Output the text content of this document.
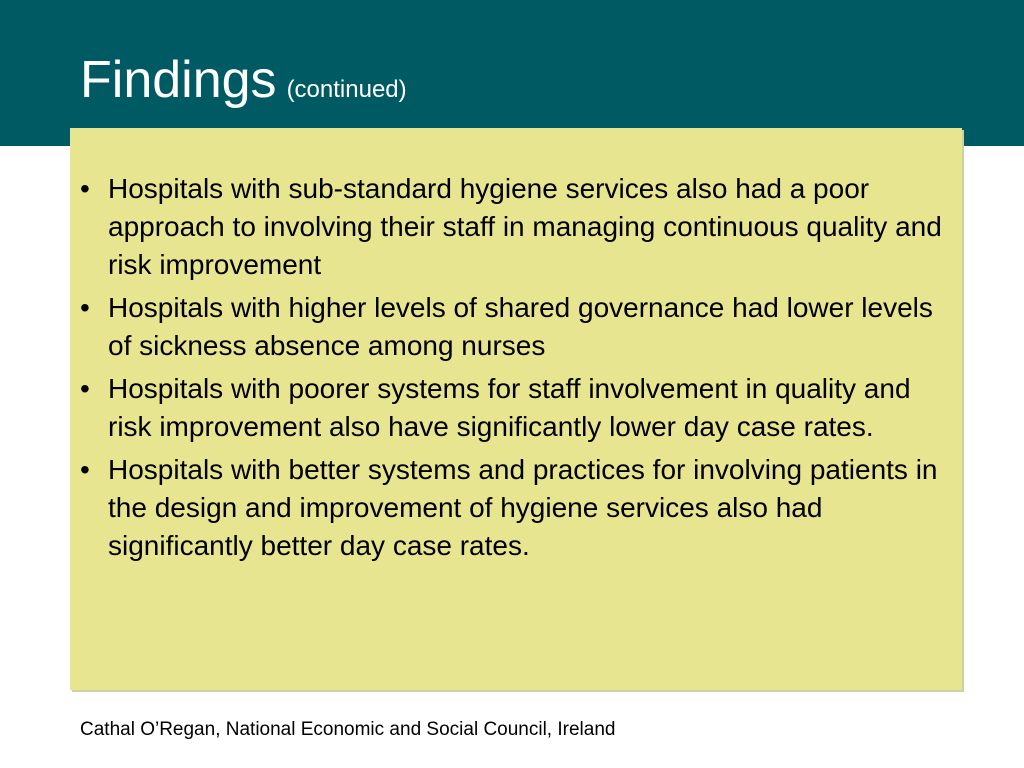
Findings (continued)
• Hospitals with sub-standard hygiene services also had a poor approach to involving their staff in managing continuous quality and risk improvement
• Hospitals with higher levels of shared governance had lower levels of sickness absence among nurses
• Hospitals with poorer systems for staff involvement in quality and risk improvement also have significantly lower day case rates.
• Hospitals with better systems and practices for involving patients in the design and improvement of hygiene services also had significantly better day case rates.
Cathal O’Regan, National Economic and Social Council, Ireland
